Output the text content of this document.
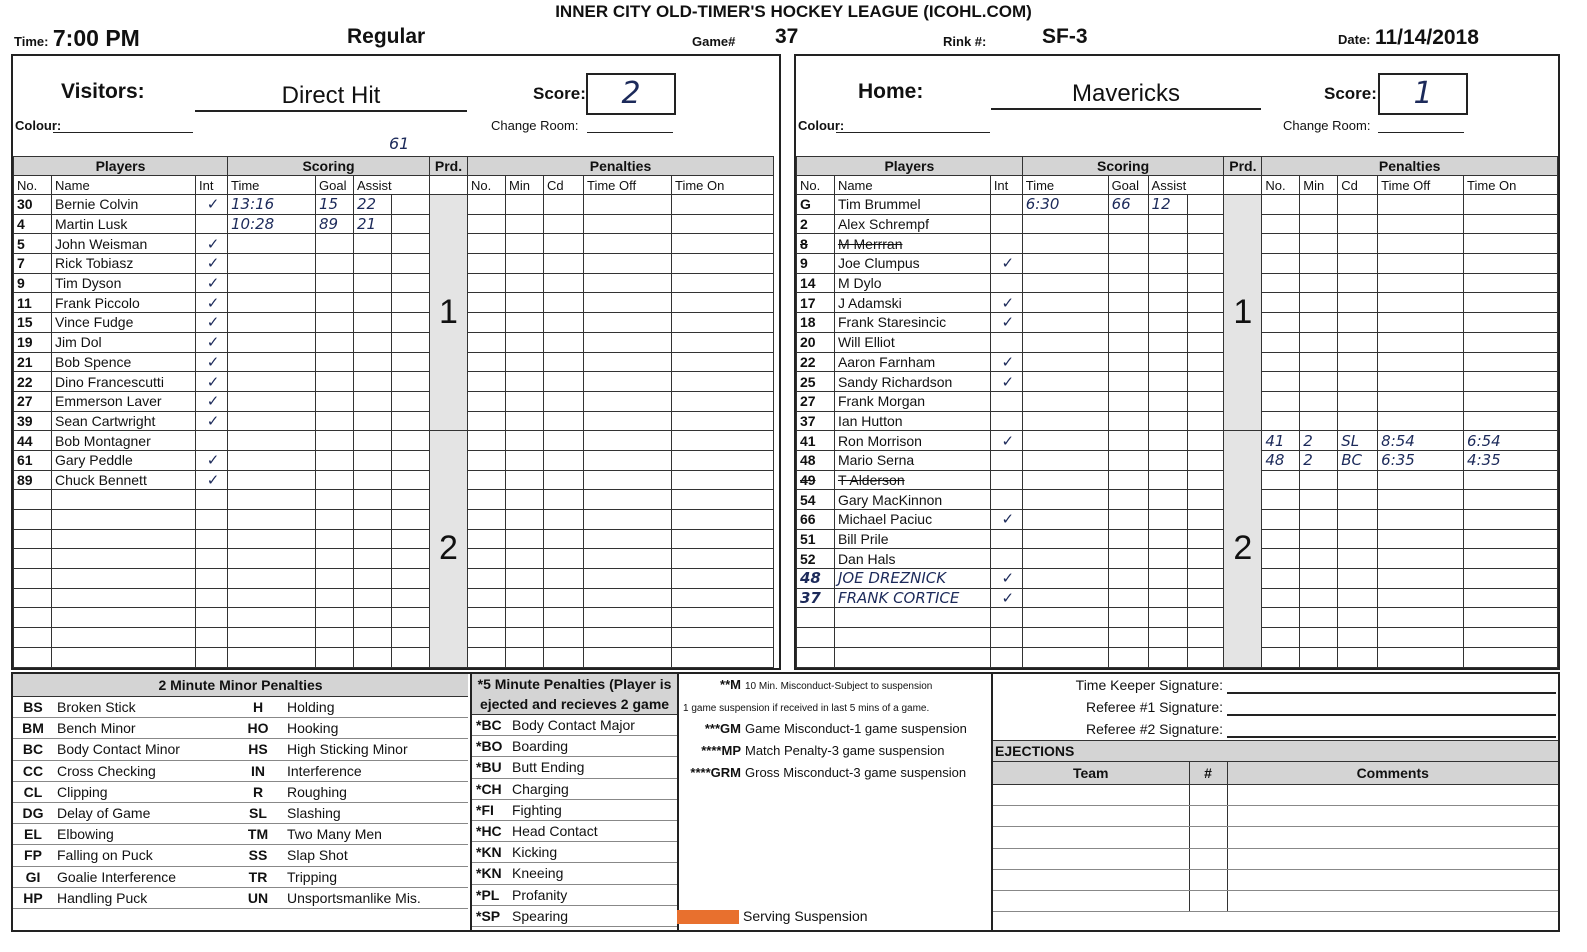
INNER CITY OLD-TIMER'S HOCKEY LEAGUE (ICOHL.COM)
Time: 7:00 PM	Regular	Game# 37	Rink #:	SF-3	Date: 11/14/2018
Visitors:	Direct Hit	Score:	2
Colour:	Change Room:
61
Players			Scoring				Prd.	Penalties				
No.	Name	Int	Time	Goal	Assist			No.	Min	Cd	Time Off	Time On
30	Bernie Colvin	✓	13:16	15	22		1					
4	Martin Lusk		10:28	89	21							
5	John Weisman	✓										
7	Rick Tobiasz	✓										
9	Tim Dyson	✓										
11	Frank Piccolo	✓										
15	Vince Fudge	✓										
19	Jim Dol	✓										
21	Bob Spence	✓										
22	Dino Francescutti	✓										
27	Emmerson Laver	✓										
39	Sean Cartwright	✓										
44	Bob Montagner						2					
61	Gary Peddle	✓										
89	Chuck Bennett	✓										

Home:	Mavericks	Score:	1
Colour:	Change Room:
Players			Scoring				Prd.	Penalties				
No.	Name	Int	Time	Goal	Assist			No.	Min	Cd	Time Off	Time On
G	Tim Brummel		6:30	66	12		1					
2	Alex Schrempf											
8	M Merrran											
9	Joe Clumpus	✓										
14	M Dylo											
17	J Adamski	✓										
18	Frank Staresincic	✓										
20	Will Elliot											
22	Aaron Farnham	✓										
25	Sandy Richardson	✓										
27	Frank Morgan											
37	Ian Hutton											
41	Ron Morrison	✓					2	41	2	SL	8:54	6:54
48	Mario Serna							48	2	BC	6:35	4:35
49	T Alderson											
54	Gary MacKinnon											
66	Michael Paciuc	✓										
51	Bill Prile											
52	Dan Hals											
48	JOE DREZNICK	✓										
37	FRANK CORTICE	✓										

2 Minute Minor Penalties			
BS	Broken Stick	H	Holding
BM	Bench Minor	HO	Hooking
BC	Body Contact Minor	HS	High Sticking Minor
CC	Cross Checking	IN	Interference
CL	Clipping	R	Roughing
DG	Delay of Game	SL	Slashing
EL	Elbowing	TM	Two Many Men
FP	Falling on Puck	SS	Slap Shot
GI	Goalie Interference	TR	Tripping
HP	Handling Puck	UN	Unsportsmanlike Mis.
*5 Minute Penalties (Player is ejected and recieves 2 game
*BC	Body Contact Major
*BO	Boarding
*BU	Butt Ending
*CH	Charging
*FI	Fighting
*HC	Head Contact
*KN	Kicking
*KN	Kneeing
*PL	Profanity
*SP	Spearing
**M 10 Min. Misconduct-Subject to suspension
1 game suspension if received in last 5 mins of a game.
***GM Game Misconduct-1 game suspension
****MP Match Penalty-3 game suspension
****GRM Gross Misconduct-3 game suspension
Serving Suspension
Time Keeper Signature:
Referee #1 Signature:
Referee #2 Signature:
EJECTIONS
Team	#	Comments
